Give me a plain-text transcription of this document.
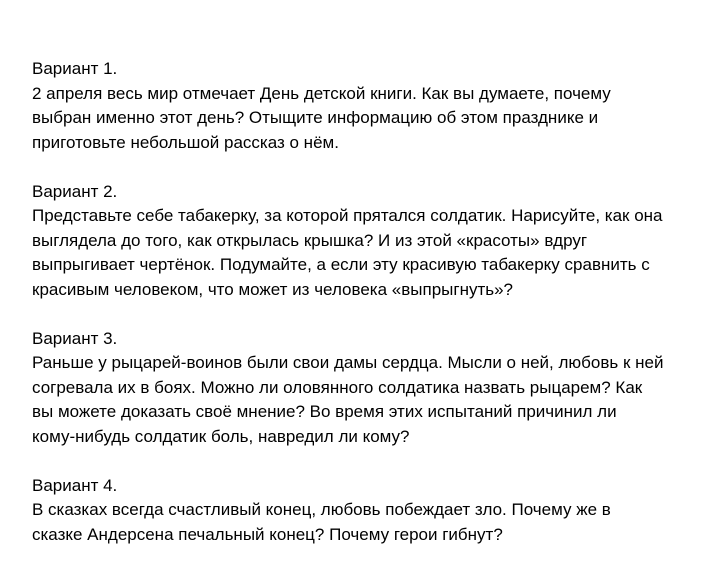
Вариант 1.
2 апреля весь мир отмечает День детской книги. Как вы думаете, почему
выбран именно этот день? Отыщите информацию об этом празднике и
приготовьте небольшой рассказ о нём.
Вариант 2.
Представьте себе табакерку, за которой прятался солдатик. Нарисуйте, как она
выглядела до того, как открылась крышка? И из этой «красоты» вдруг
выпрыгивает чертёнок. Подумайте, а если эту красивую табакерку сравнить с
красивым человеком, что может из человека «выпрыгнуть»?
Вариант 3.
Раньше у рыцарей-воинов были свои дамы сердца. Мысли о ней, любовь к ней
согревала их в боях. Можно ли оловянного солдатика назвать рыцарем? Как
вы можете доказать своё мнение? Во время этих испытаний причинил ли
кому-нибудь солдатик боль, навредил ли кому?
Вариант 4.
В сказках всегда счастливый конец, любовь побеждает зло. Почему же в
сказке Андерсена печальный конец? Почему герои гибнут?
